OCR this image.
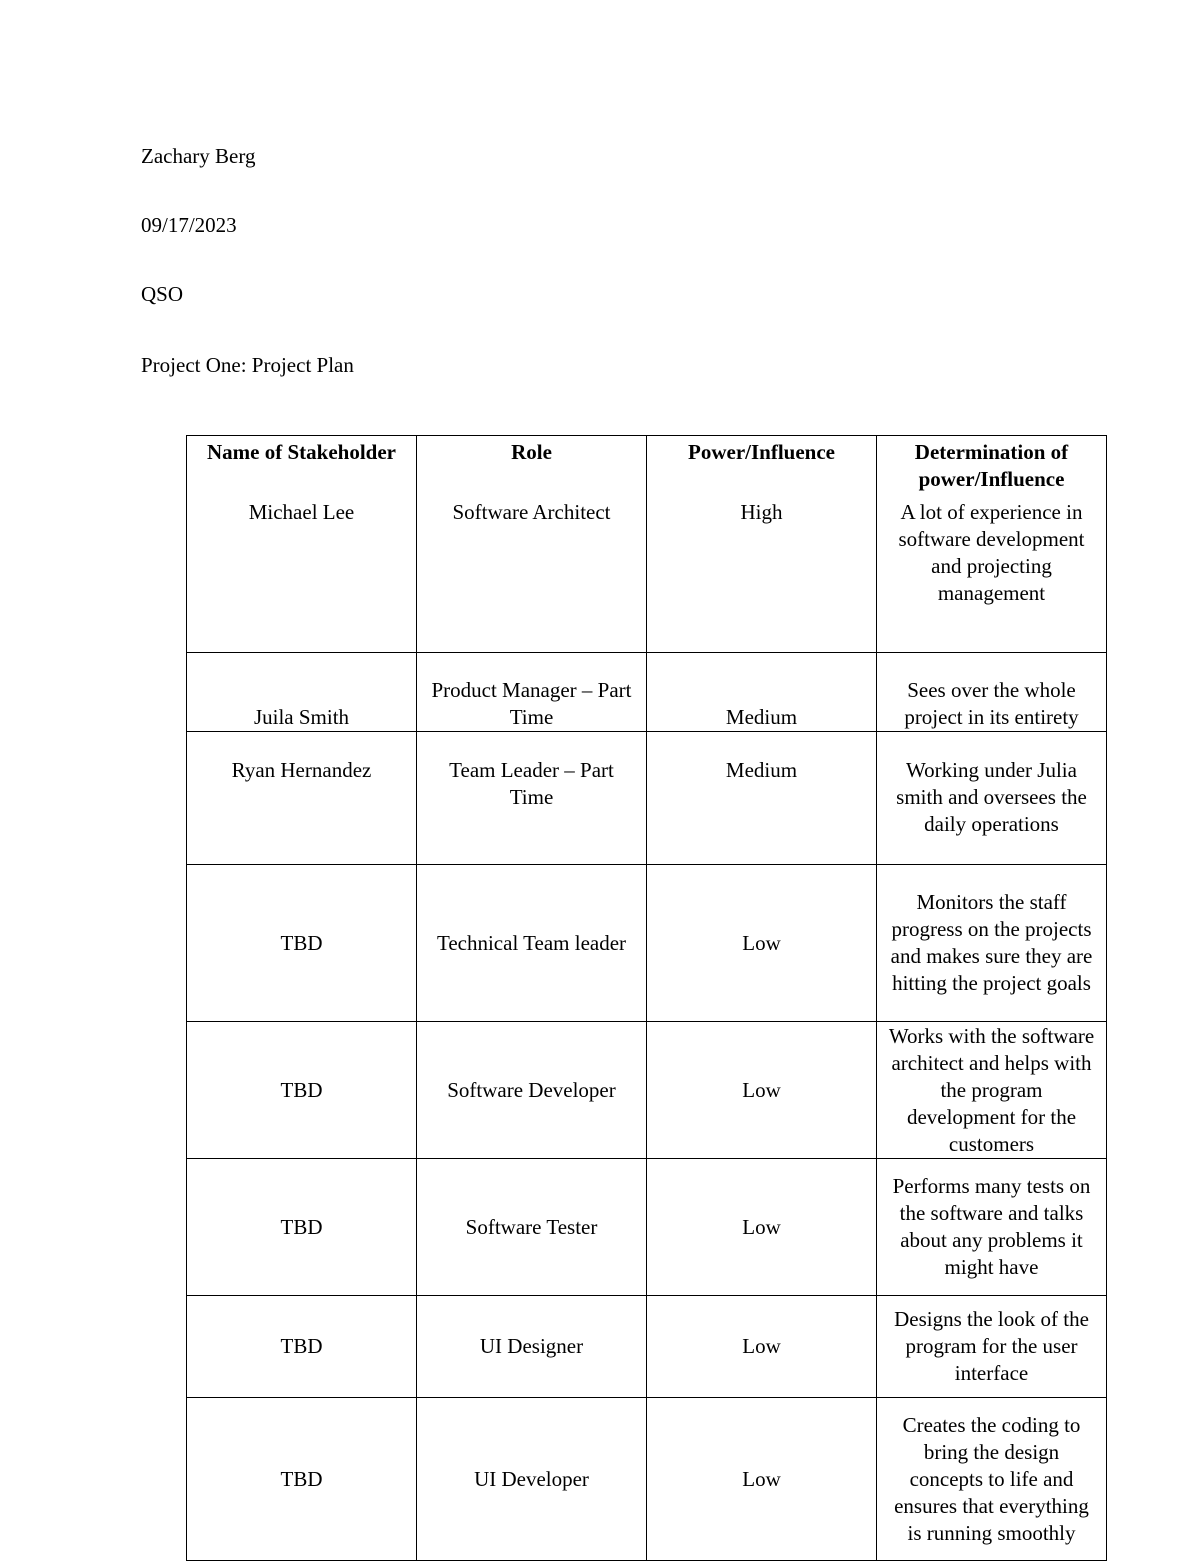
Zachary Berg

09/17/2023

QSO

Project One: Project Plan

Name of Stakeholder	Role	Power/Influence	Determination of power/Influence
Michael Lee	Software Architect	High	A lot of experience in software development and projecting management
Juila Smith	Product Manager – Part Time	Medium	Sees over the whole project in its entirety
Ryan Hernandez	Team Leader – Part Time	Medium	Working under Julia smith and oversees the daily operations
TBD	Technical Team leader	Low	Monitors the staff progress on the projects and makes sure they are hitting the project goals
TBD	Software Developer	Low	Works with the software architect and helps with the program development for the customers
TBD	Software Tester	Low	Performs many tests on the software and talks about any problems it might have
TBD	UI Designer	Low	Designs the look of the program for the user interface
TBD	UI Developer	Low	Creates the coding to bring the design concepts to life and ensures that everything is running smoothly
